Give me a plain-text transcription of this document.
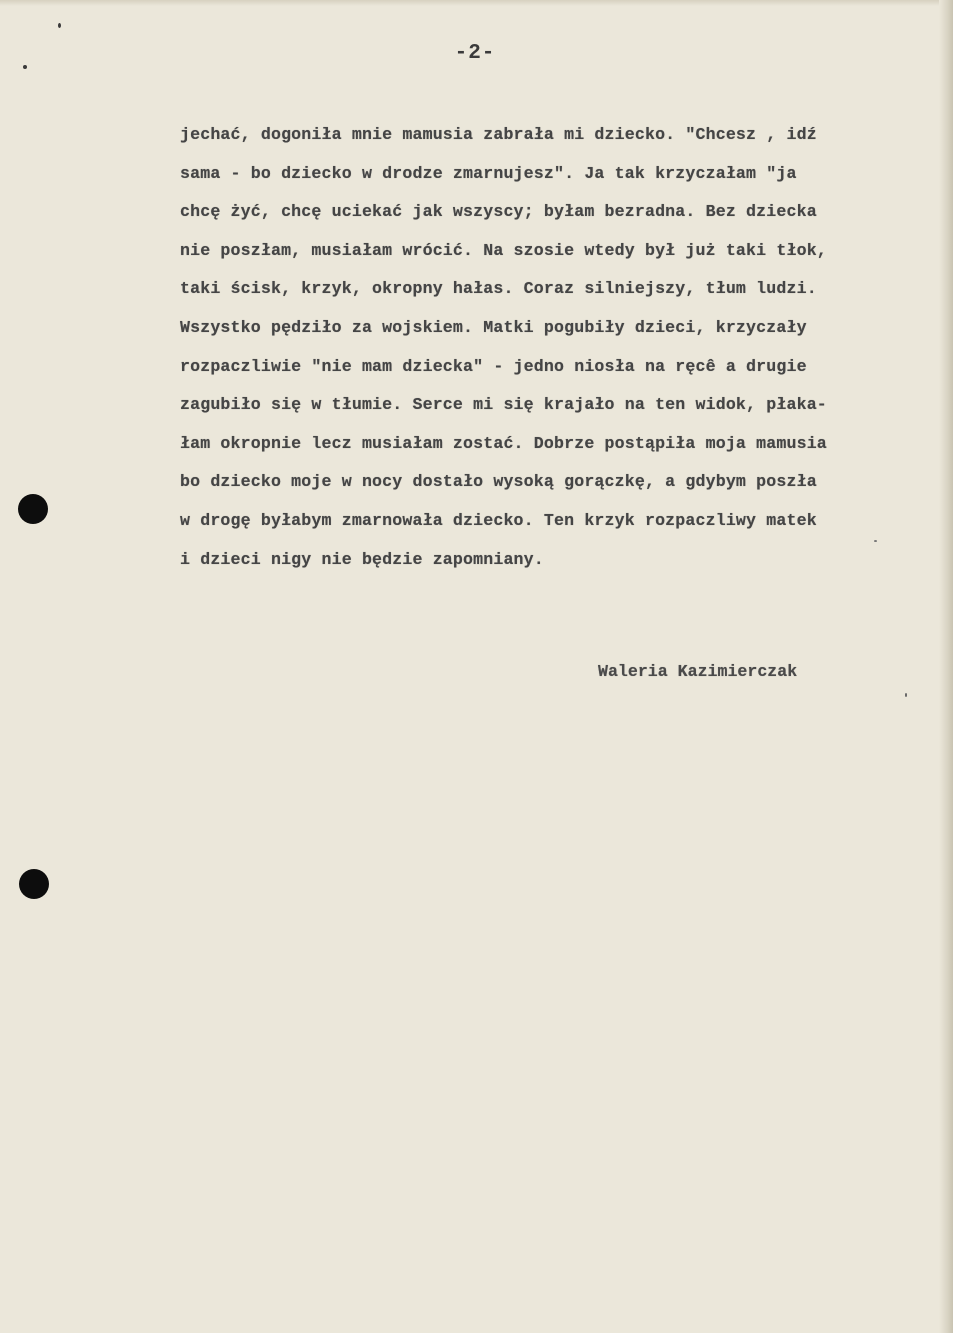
-2-
jechać, dogoniła mnie mamusia zabrała mi dziecko. "Chcesz , idź
sama - bo dziecko w drodze zmarnujesz". Ja tak krzyczałam "ja
chcę żyć, chcę uciekać jak wszyscy; byłam bezradna. Bez dziecka
nie poszłam, musiałam wrócić. Na szosie wtedy był już taki tłok,
taki ścisk, krzyk, okropny hałas. Coraz silniejszy, tłum ludzi.
Wszystko pędziło za wojskiem. Matki pogubiły dzieci, krzyczały
rozpaczliwie "nie mam dziecka" - jedno niosła na ręcê a drugie
zagubiło się w tłumie. Serce mi się krajało na ten widok, płaka-
łam okropnie lecz musiałam zostać. Dobrze postąpiła moja mamusia
bo dziecko moje w nocy dostało wysoką gorączkę, a gdybym poszła
w drogę byłabym zmarnowała dziecko. Ten krzyk rozpaczliwy matek
i dzieci nigy nie będzie zapomniany.
Waleria Kazimierczak
